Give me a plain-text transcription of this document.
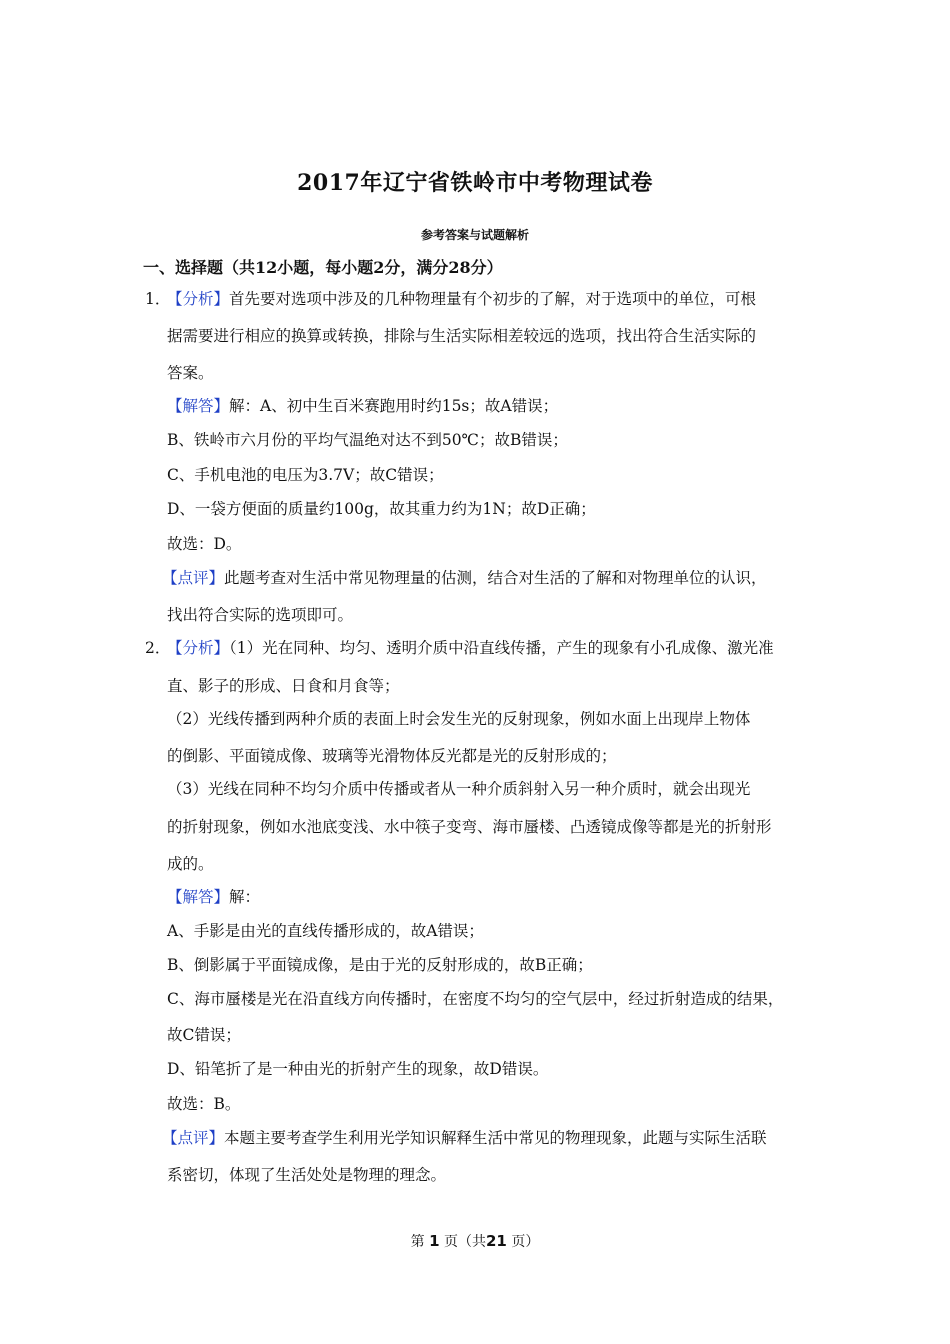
2017年辽宁省铁岭市中考物理试卷
参考答案与试题解析
一、选择题（共12小题，每小题2分，满分28分）
1．
【分析】首先要对选项中涉及的几种物理量有个初步的了解，对于选项中的单位，可根
据需要进行相应的换算或转换，排除与生活实际相差较远的选项，找出符合生活实际的
答案。
【解答】解：A、初中生百米赛跑用时约15s；故A错误；
B、铁岭市六月份的平均气温绝对达不到50℃；故B错误；
C、手机电池的电压为3.7V；故C错误；
D、一袋方便面的质量约100g，故其重力约为1N；故D正确；
故选：D。
【点评】此题考查对生活中常见物理量的估测，结合对生活的了解和对物理单位的认识，
找出符合实际的选项即可。
2．
【分析】（1）光在同种、均匀、透明介质中沿直线传播，产生的现象有小孔成像、激光准
直、影子的形成、日食和月食等；
（2）光线传播到两种介质的表面上时会发生光的反射现象，例如水面上出现岸上物体
的倒影、平面镜成像、玻璃等光滑物体反光都是光的反射形成的；
（3）光线在同种不均匀介质中传播或者从一种介质斜射入另一种介质时，就会出现光
的折射现象，例如水池底变浅、水中筷子变弯、海市蜃楼、凸透镜成像等都是光的折射形
成的。
【解答】解：
A、手影是由光的直线传播形成的，故A错误；
B、倒影属于平面镜成像，是由于光的反射形成的，故B正确；
C、海市蜃楼是光在沿直线方向传播时，在密度不均匀的空气层中，经过折射造成的结果，
故C错误；
D、铅笔折了是一种由光的折射产生的现象，故D错误。
故选：B。
【点评】本题主要考查学生利用光学知识解释生活中常见的物理现象，此题与实际生活联
系密切，体现了生活处处是物理的理念。
第 1 页（共21 页）
